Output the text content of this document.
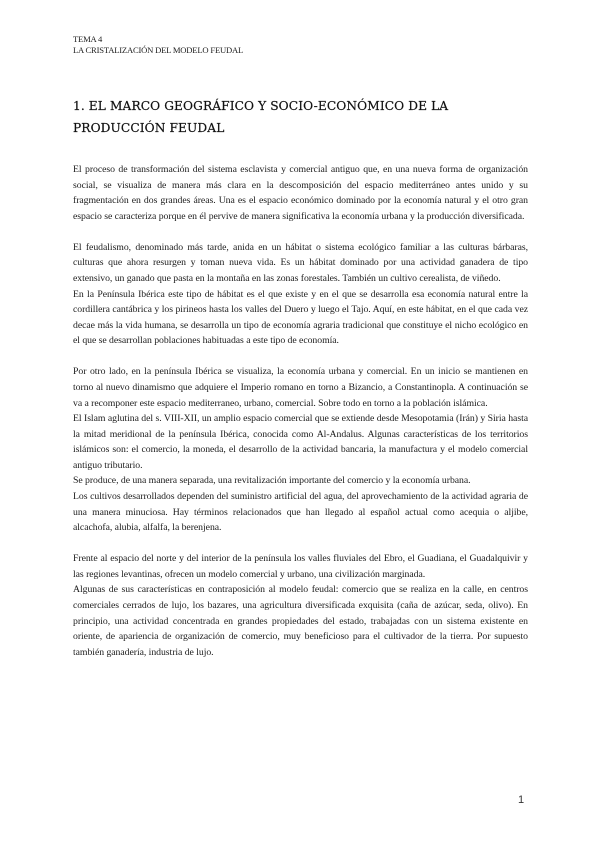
TEMA 4
LA CRISTALIZACIÓN DEL MODELO FEUDAL
1. EL MARCO GEOGRÁFICO Y SOCIO-ECONÓMICO DE LA PRODUCCIÓN FEUDAL

El proceso de transformación del sistema esclavista y comercial antiguo que, en una nueva forma de organización social, se visualiza de manera más clara en la descomposición del espacio mediterráneo antes unido y su fragmentación en dos grandes áreas. Una es el espacio económico dominado por la economía natural y el otro gran espacio se caracteriza porque en él pervive de manera significativa la economía urbana y la producción diversificada.

El feudalismo, denominado más tarde, anida en un hábitat o sistema ecológico familiar a las culturas bárbaras, culturas que ahora resurgen y toman nueva vida. Es un hábitat dominado por una actividad ganadera de tipo extensivo, un ganado que pasta en la montaña en las zonas forestales. También un cultivo cerealista, de viñedo.

En la Península Ibérica este tipo de hábitat es el que existe y en el que se desarrolla esa economía natural entre la cordillera cantábrica y los pirineos hasta los valles del Duero y luego el Tajo. Aquí, en este hábitat, en el que cada vez decae más la vida humana, se desarrolla un tipo de economía agraria tradicional que constituye el nicho ecológico en el que se desarrollan poblaciones habituadas a este tipo de economía.

Por otro lado, en la península Ibérica se visualiza, la economía urbana y comercial. En un inicio se mantienen en torno al nuevo dinamismo que adquiere el Imperio romano en torno a Bizancio, a Constantinopla. A continuación se va a recomponer este espacio mediterraneo, urbano, comercial. Sobre todo en torno a la población islámica.

El Islam aglutina del s. VIII-XII, un amplio espacio comercial que se extiende desde Mesopotamia (Irán) y Siria hasta la mitad meridional de la península Ibérica, conocida como Al-Andalus. Algunas características de los territorios islámicos son: el comercio, la moneda, el desarrollo de la actividad bancaria, la manufactura y el modelo comercial antiguo tributario.

Se produce, de una manera separada, una revitalización importante del comercio y la economía urbana.

Los cultivos desarrollados dependen del suministro artificial del agua, del aprovechamiento de la actividad agraria de una manera minuciosa. Hay términos relacionados que han llegado al español actual como acequia o aljibe, alcachofa, alubia, alfalfa, la berenjena.

Frente al espacio del norte y del interior de la península los valles fluviales del Ebro, el Guadiana, el Guadalquivir y las regiones levantinas, ofrecen un modelo comercial y urbano, una civilización marginada.

Algunas de sus características en contraposición al modelo feudal: comercio que se realiza en la calle, en centros comerciales cerrados de lujo, los bazares, una agricultura diversificada exquisita (caña de azúcar, seda, olivo). En principio, una actividad concentrada en grandes propiedades del estado, trabajadas con un sistema existente en oriente, de apariencia de organización de comercio, muy beneficioso para el cultivador de la tierra. Por supuesto también ganadería, industria de lujo.

1
